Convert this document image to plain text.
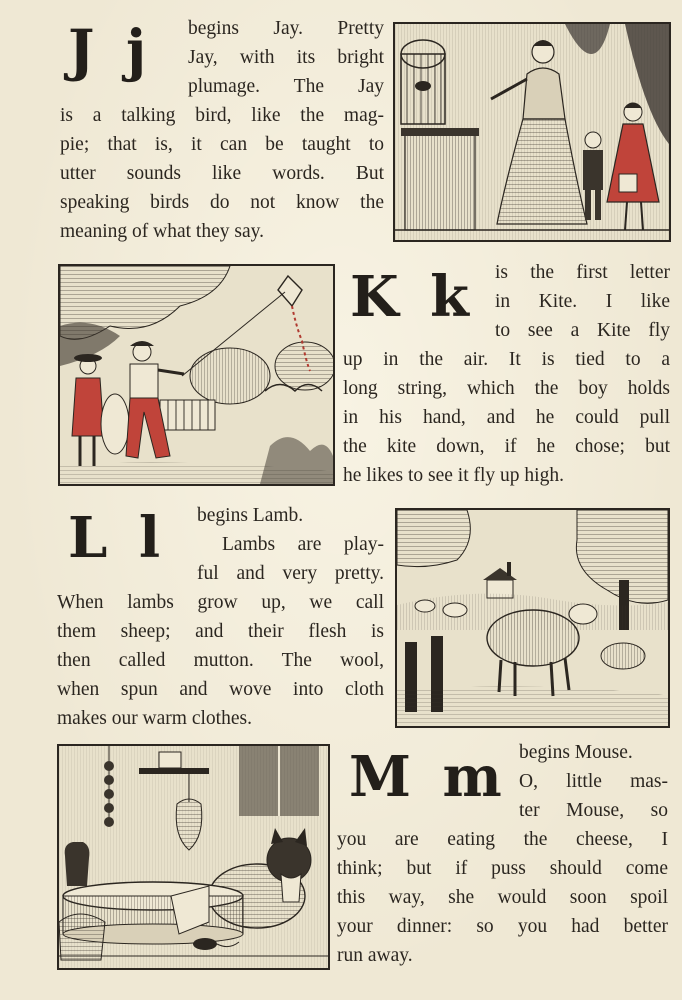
J j begins Jay. Pretty
Jay, with its bright
plumage. The Jay
is a talking bird, like the mag-
pie; that is, it can be taught to
utter sounds like words. But
speaking birds do not know the
meaning of what they say.
K k is the first letter
in Kite. I like
to see a Kite fly
up in the air. It is tied to a
long string, which the boy holds
in his hand, and he could pull
the kite down, if he chose; but
he likes to see it fly up high.
L l begins Lamb.
Lambs are play-
ful and very pretty.
When lambs grow up, we call
them sheep; and their flesh is
then called mutton. The wool,
when spun and wove into cloth
makes our warm clothes.
M m begins Mouse.
O, little mas-
ter Mouse, so
you are eating the cheese, I
think; but if puss should come
this way, she would soon spoil
your dinner: so you had better
run away.
